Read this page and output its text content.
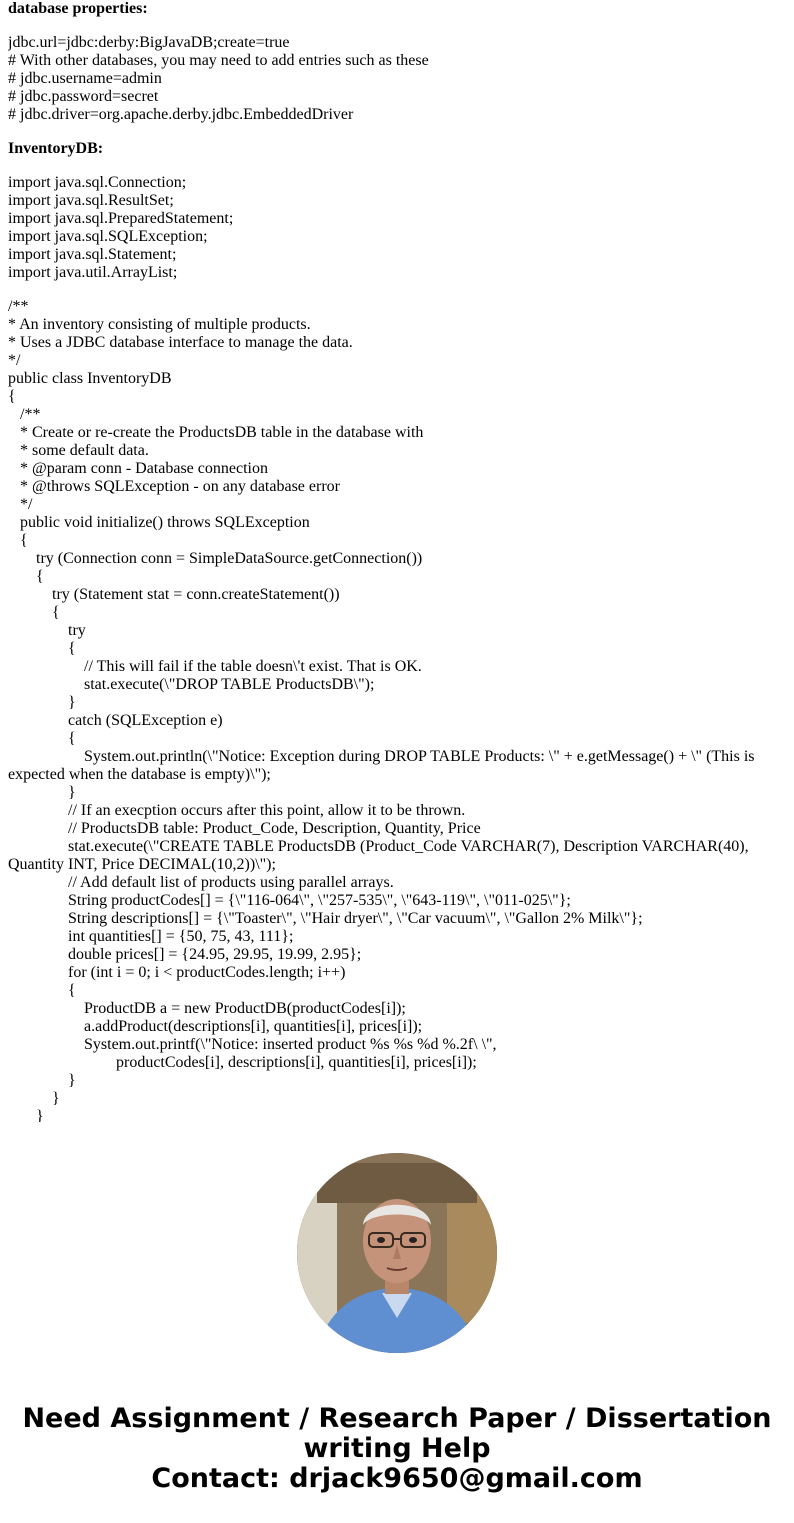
database properties:
jdbc.url=jdbc:derby:BigJavaDB;create=true
# With other databases, you may need to add entries such as these
# jdbc.username=admin
# jdbc.password=secret
# jdbc.driver=org.apache.derby.jdbc.EmbeddedDriver
InventoryDB:
import java.sql.Connection;
import java.sql.ResultSet;
import java.sql.PreparedStatement;
import java.sql.SQLException;
import java.sql.Statement;
import java.util.ArrayList;
/**
* An inventory consisting of multiple products.
* Uses a JDBC database interface to manage the data.
*/
public class InventoryDB
{
/**
* Create or re-create the ProductsDB table in the database with
* some default data.
* @param conn - Database connection
* @throws SQLException - on any database error
*/
public void initialize() throws SQLException
{
try (Connection conn = SimpleDataSource.getConnection())
{
try (Statement stat = conn.createStatement())
{
try
{
// This will fail if the table doesn\'t exist. That is OK.
stat.execute(\"DROP TABLE ProductsDB\");
}
catch (SQLException e)
{
System.out.println(\"Notice: Exception during DROP TABLE Products: \" + e.getMessage() + \" (This is expected when the database is empty)\");
}
// If an execption occurs after this point, allow it to be thrown.
// ProductsDB table: Product_Code, Description, Quantity, Price
stat.execute(\"CREATE TABLE ProductsDB (Product_Code VARCHAR(7), Description VARCHAR(40), Quantity INT, Price DECIMAL(10,2))\");
// Add default list of products using parallel arrays.
String productCodes[] = {\"116-064\", \"257-535\", \"643-119\", \"011-025\"};
String descriptions[] = {\"Toaster\", \"Hair dryer\", \"Car vacuum\", \"Gallon 2% Milk\"};
int quantities[] = {50, 75, 43, 111};
double prices[] = {24.95, 29.95, 19.99, 2.95};
for (int i = 0; i < productCodes.length; i++)
{
ProductDB a = new ProductDB(productCodes[i]);
a.addProduct(descriptions[i], quantities[i], prices[i]);
System.out.printf(\"Notice: inserted product %s %s %d %.2f\ \",
productCodes[i], descriptions[i], quantities[i], prices[i]);
}
}
}
Need Assignment / Research Paper / Dissertation
writing Help
Contact: drjack9650@gmail.com
